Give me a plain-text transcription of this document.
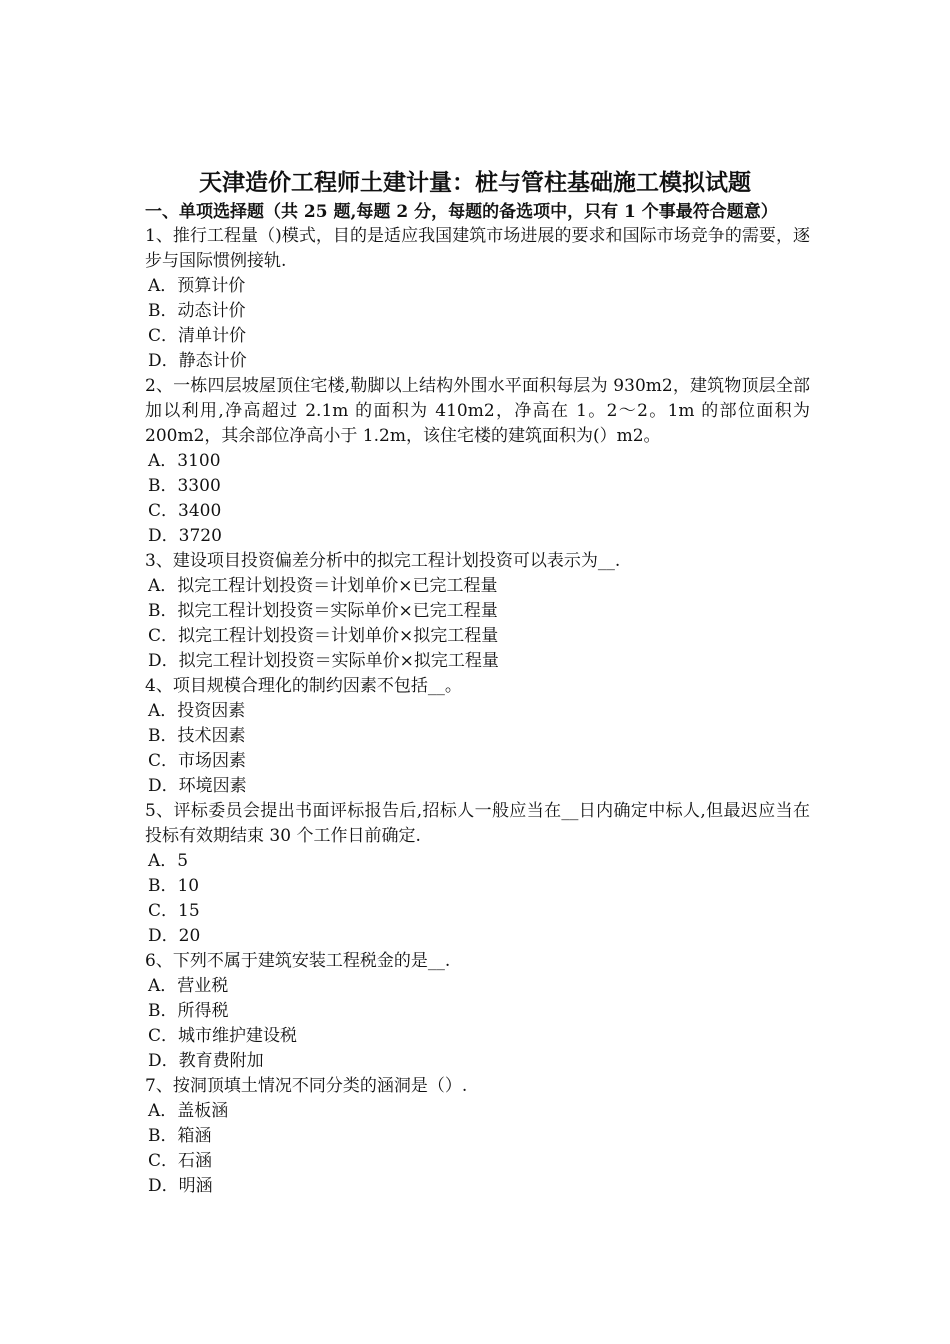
天津造价工程师土建计量：桩与管柱基础施工模拟试题

一、单项选择题（共 25 题,每题 2 分，每题的备选项中，只有 1 个事最符合题意）

1、推行工程量（)模式，目的是适应我国建筑市场进展的要求和国际市场竞争的需要，逐步与国际惯例接轨.

A．预算计价
B．动态计价
C．清单计价
D．静态计价

2、一栋四层坡屋顶住宅楼,勒脚以上结构外围水平面积每层为 930m2，建筑物顶层全部加以利用,净高超过 2.1m 的面积为 410m2，净高在 1。2～2。1m 的部位面积为 200m2，其余部位净高小于 1.2m，该住宅楼的建筑面积为(）m2。

A．3100
B．3300
C．3400
D．3720

3、建设项目投资偏差分析中的拟完工程计划投资可以表示为__.

A．拟完工程计划投资＝计划单价×已完工程量
B．拟完工程计划投资＝实际单价×已完工程量
C．拟完工程计划投资＝计划单价×拟完工程量
D．拟完工程计划投资＝实际单价×拟完工程量

4、项目规模合理化的制约因素不包括__。

A．投资因素
B．技术因素
C．市场因素
D．环境因素

5、评标委员会提出书面评标报告后,招标人一般应当在__日内确定中标人,但最迟应当在投标有效期结束 30 个工作日前确定.

A．5
B．10
C．15
D．20

6、下列不属于建筑安装工程税金的是__.

A．营业税
B．所得税
C．城市维护建设税
D．教育费附加

7、按洞顶填土情况不同分类的涵洞是（）.

A．盖板涵
B．箱涵
C．石涵
D．明涵
